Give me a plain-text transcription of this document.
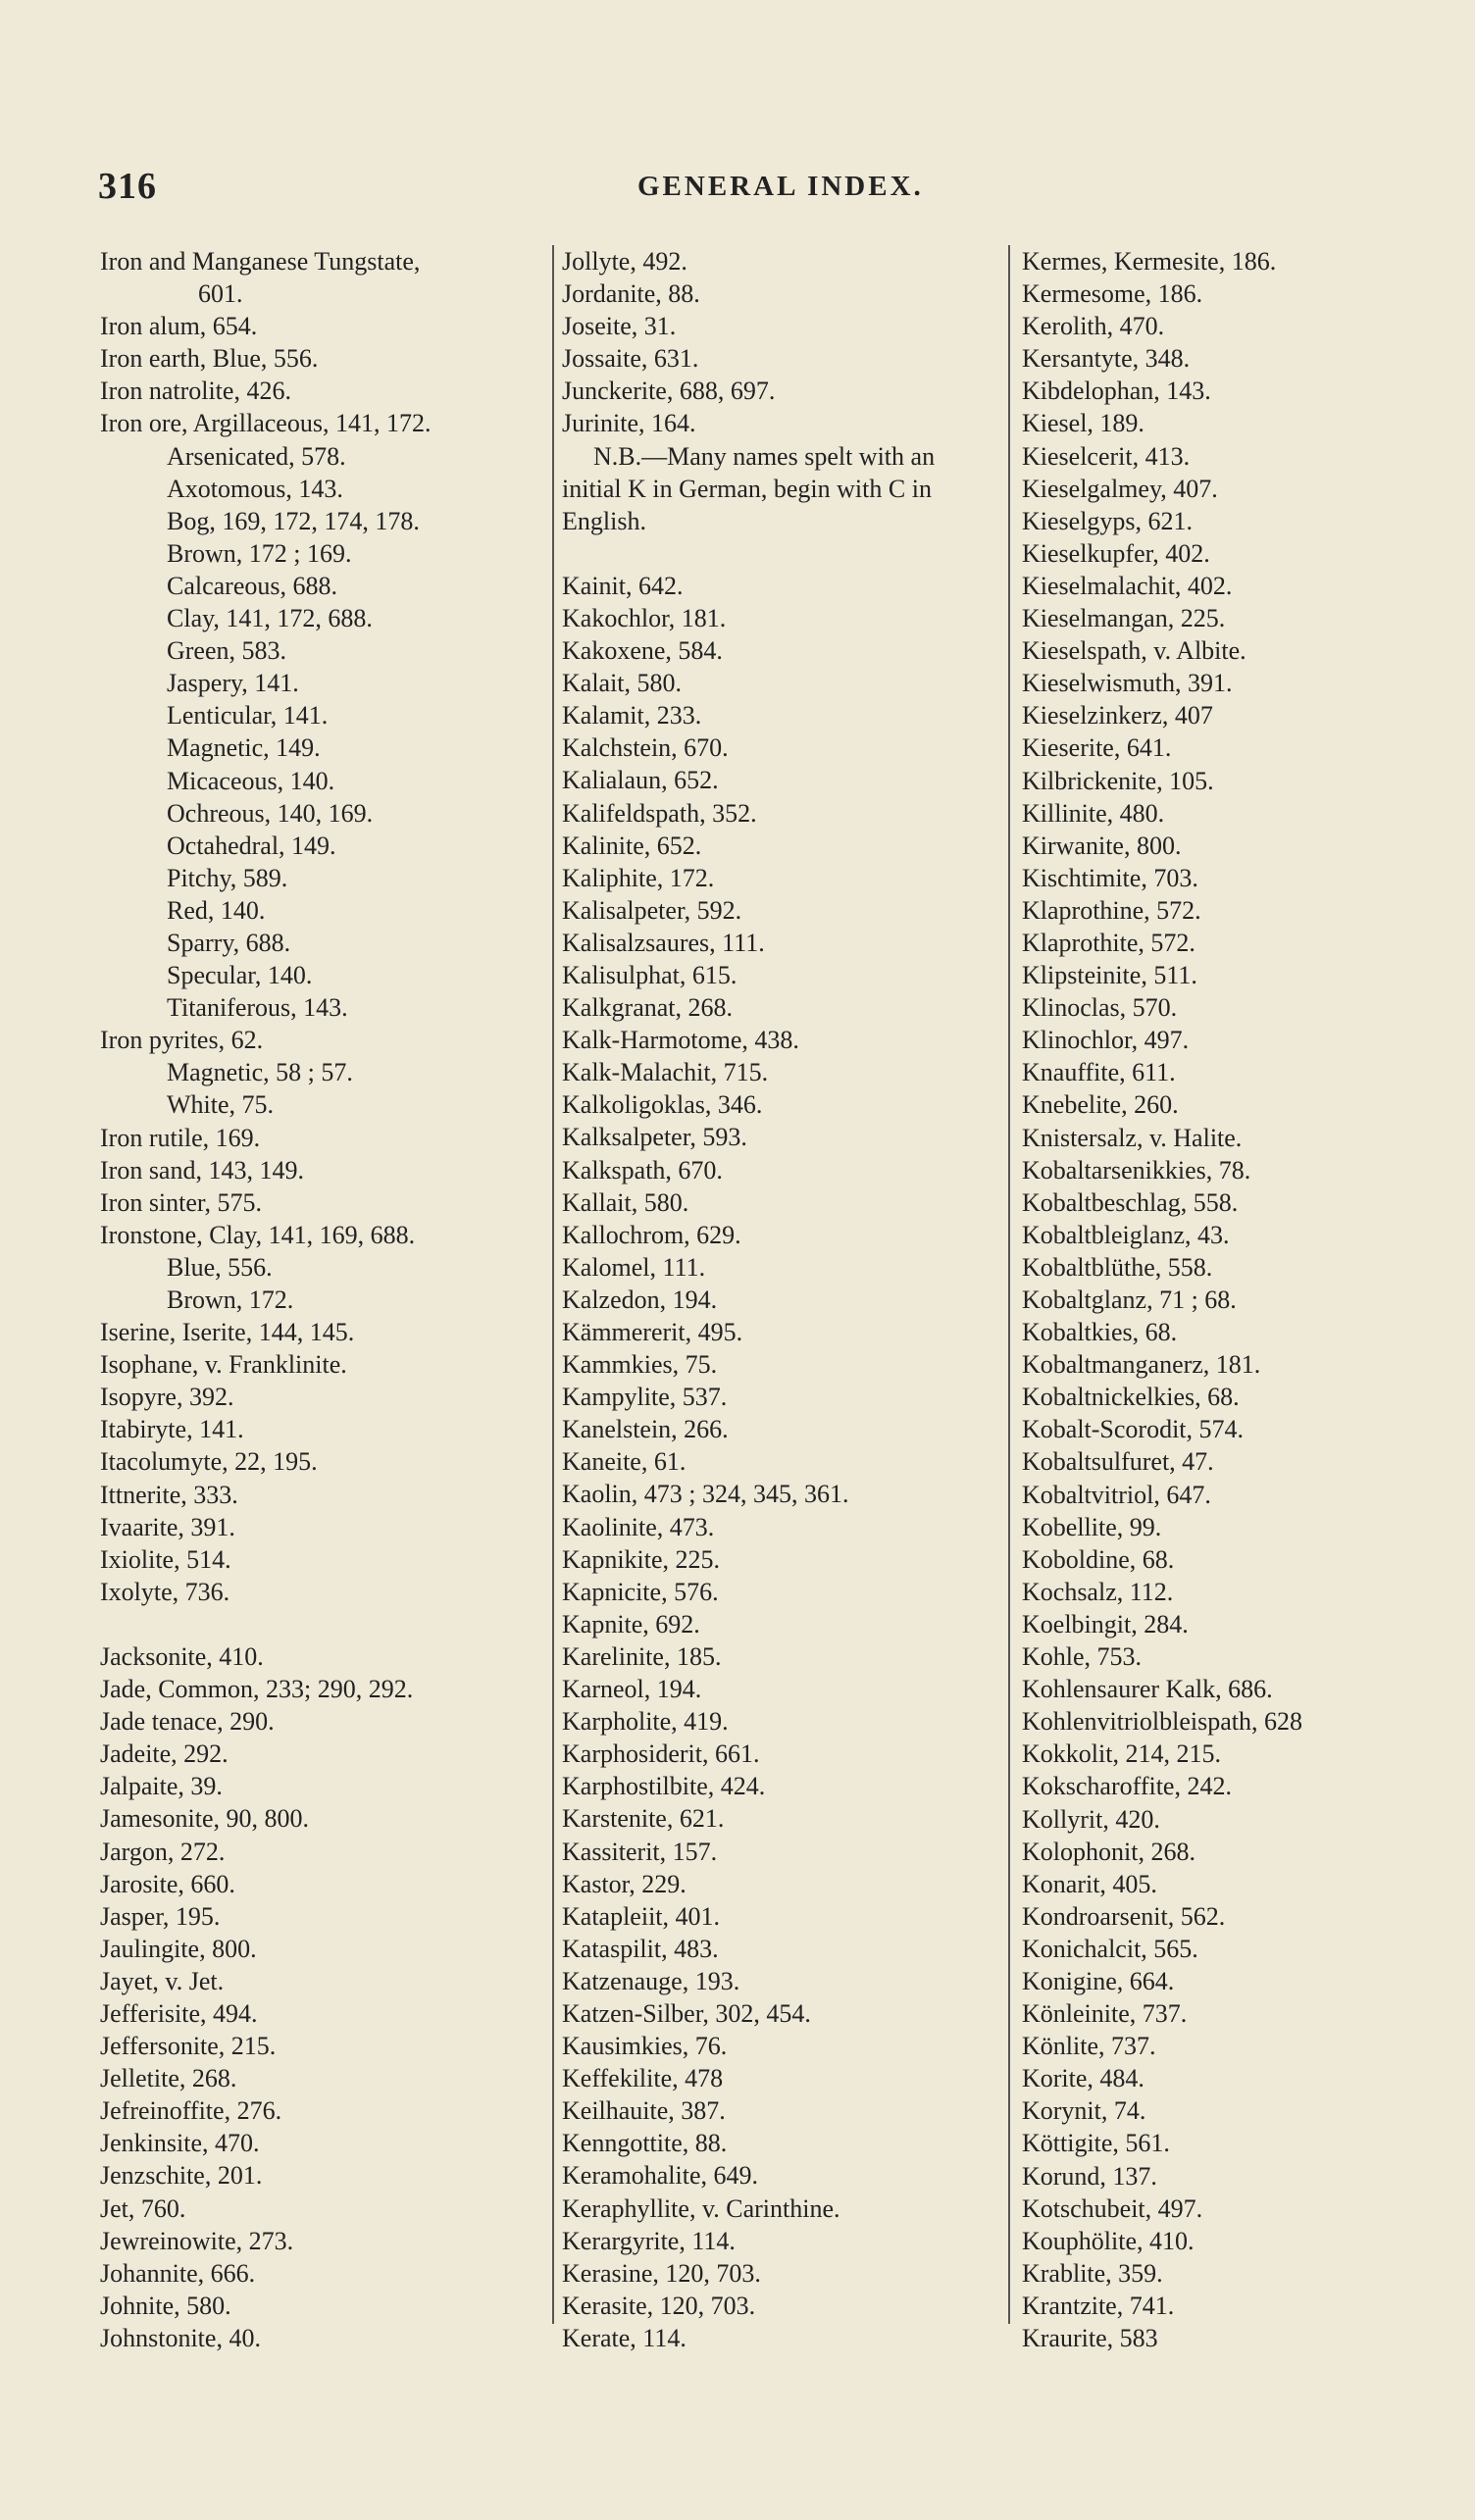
316	GENERAL INDEX.
Iron and Manganese Tungstate,
601.
Iron alum, 654.
Iron earth, Blue, 556.
Iron natrolite, 426.
Iron ore, Argillaceous, 141, 172.
Arsenicated, 578.
Axotomous, 143.
Bog, 169, 172, 174, 178.
Brown, 172 ; 169.
Calcareous, 688.
Clay, 141, 172, 688.
Green, 583.
Jaspery, 141.
Lenticular, 141.
Magnetic, 149.
Micaceous, 140.
Ochreous, 140, 169.
Octahedral, 149.
Pitchy, 589.
Red, 140.
Sparry, 688.
Specular, 140.
Titaniferous, 143.
Iron pyrites, 62.
Magnetic, 58 ; 57.
White, 75.
Iron rutile, 169.
Iron sand, 143, 149.
Iron sinter, 575.
Ironstone, Clay, 141, 169, 688.
Blue, 556.
Brown, 172.
Iserine, Iserite, 144, 145.
Isophane, v. Franklinite.
Isopyre, 392.
Itabiryte, 141.
Itacolumyte, 22, 195.
Ittnerite, 333.
Ivaarite, 391.
Ixiolite, 514.
Ixolyte, 736.
Jacksonite, 410.
Jade, Common, 233; 290, 292.
Jade tenace, 290.
Jadeite, 292.
Jalpaite, 39.
Jamesonite, 90, 800.
Jargon, 272.
Jarosite, 660.
Jasper, 195.
Jaulingite, 800.
Jayet, v. Jet.
Jefferisite, 494.
Jeffersonite, 215.
Jelletite, 268.
Jefreinoffite, 276.
Jenkinsite, 470.
Jenzschite, 201.
Jet, 760.
Jewreinowite, 273.
Johannite, 666.
Johnite, 580.
Johnstonite, 40.
Jollyte, 492.
Jordanite, 88.
Joseite, 31.
Jossaite, 631.
Junckerite, 688, 697.
Jurinite, 164.
N.B.—Many names spelt with an initial K in German, begin with C in English.
Kainit, 642.
Kakochlor, 181.
Kakoxene, 584.
Kalait, 580.
Kalamit, 233.
Kalchstein, 670.
Kalialaun, 652.
Kalifeldspath, 352.
Kalinite, 652.
Kaliphite, 172.
Kalisalpeter, 592.
Kalisalzsaures, 111.
Kalisulphat, 615.
Kalkgranat, 268.
Kalk-Harmotome, 438.
Kalk-Malachit, 715.
Kalkoligoklas, 346.
Kalksalpeter, 593.
Kalkspath, 670.
Kallait, 580.
Kallochrom, 629.
Kalomel, 111.
Kalzedon, 194.
Kämmererit, 495.
Kammkies, 75.
Kampylite, 537.
Kanelstein, 266.
Kaneite, 61.
Kaolin, 473 ; 324, 345, 361.
Kaolinite, 473.
Kapnikite, 225.
Kapnicite, 576.
Kapnite, 692.
Karelinite, 185.
Karneol, 194.
Karpholite, 419.
Karphosiderit, 661.
Karphostilbite, 424.
Karstenite, 621.
Kassiterit, 157.
Kastor, 229.
Katapleiit, 401.
Kataspilit, 483.
Katzenauge, 193.
Katzen-Silber, 302, 454.
Kausimkies, 76.
Keffekilite, 478
Keilhauite, 387.
Kenngottite, 88.
Keramohalite, 649.
Keraphyllite, v. Carinthine.
Kerargyrite, 114.
Kerasine, 120, 703.
Kerasite, 120, 703.
Kerate, 114.
Kermes, Kermesite, 186.
Kermesome, 186.
Kerolith, 470.
Kersantyte, 348.
Kibdelophan, 143.
Kiesel, 189.
Kieselcerit, 413.
Kieselgalmey, 407.
Kieselgyps, 621.
Kieselkupfer, 402.
Kieselmalachit, 402.
Kieselmangan, 225.
Kieselspath, v. Albite.
Kieselwismuth, 391.
Kieselzinkerz, 407
Kieserite, 641.
Kilbrickenite, 105.
Killinite, 480.
Kirwanite, 800.
Kischtimite, 703.
Klaprothine, 572.
Klaprothite, 572.
Klipsteinite, 511.
Klinoclas, 570.
Klinochlor, 497.
Knauffite, 611.
Knebelite, 260.
Knistersalz, v. Halite.
Kobaltarsenikkies, 78.
Kobaltbeschlag, 558.
Kobaltbleiglanz, 43.
Kobaltblüthe, 558.
Kobaltglanz, 71 ; 68.
Kobaltkies, 68.
Kobaltmanganerz, 181.
Kobaltnickelkies, 68.
Kobalt-Scorodit, 574.
Kobaltsulfuret, 47.
Kobaltvitriol, 647.
Kobellite, 99.
Koboldine, 68.
Kochsalz, 112.
Koelbingit, 284.
Kohle, 753.
Kohlensaurer Kalk, 686.
Kohlenvitriolbleispath, 628
Kokkolit, 214, 215.
Kokscharoffite, 242.
Kollyrit, 420.
Kolophonit, 268.
Konarit, 405.
Kondroarsenit, 562.
Konichalcit, 565.
Konigine, 664.
Könleinite, 737.
Könlite, 737.
Korite, 484.
Korynit, 74.
Köttigite, 561.
Korund, 137.
Kotschubeit, 497.
Kouphölite, 410.
Krablite, 359.
Krantzite, 741.
Kraurite, 583
